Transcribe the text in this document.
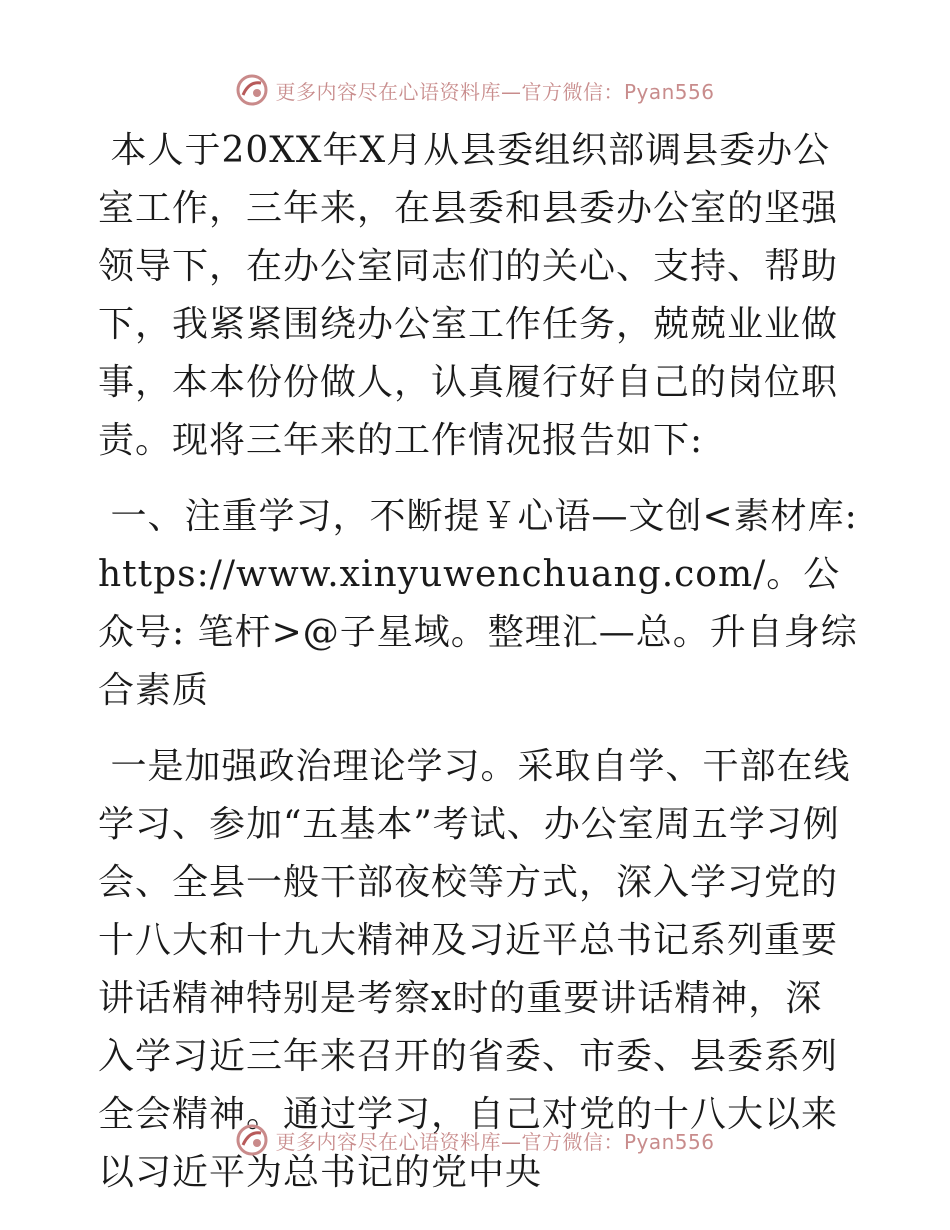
更多内容尽在心语资料库—官方微信：Pyan556

本人于20XX年X月从县委组织部调县委办公室工作，三年来，在县委和县委办公室的坚强领导下，在办公室同志们的关心、支持、帮助下，我紧紧围绕办公室工作任务，兢兢业业做事，本本份份做人，认真履行好自己的岗位职责。现将三年来的工作情况报告如下:

一、注重学习，不断提￥心语—文创<素材库: https://www.xinyuwenchuang.com/。公众号: 笔杆>@子星域。整理汇—总。升自身综合素质

一是加强政治理论学习。采取自学、干部在线学习、参加“五基本”考试、办公室周五学习例会、全县一般干部夜校等方式，深入学习党的十八大和十九大精神及习近平总书记系列重要讲话精神特别是考察x时的重要讲话精神，深入学习近三年来召开的省委、市委、县委系列全会精神。通过学习，自己对党的十八大以来以习近平为总书记的党中央

更多内容尽在心语资料库—官方微信：Pyan556
